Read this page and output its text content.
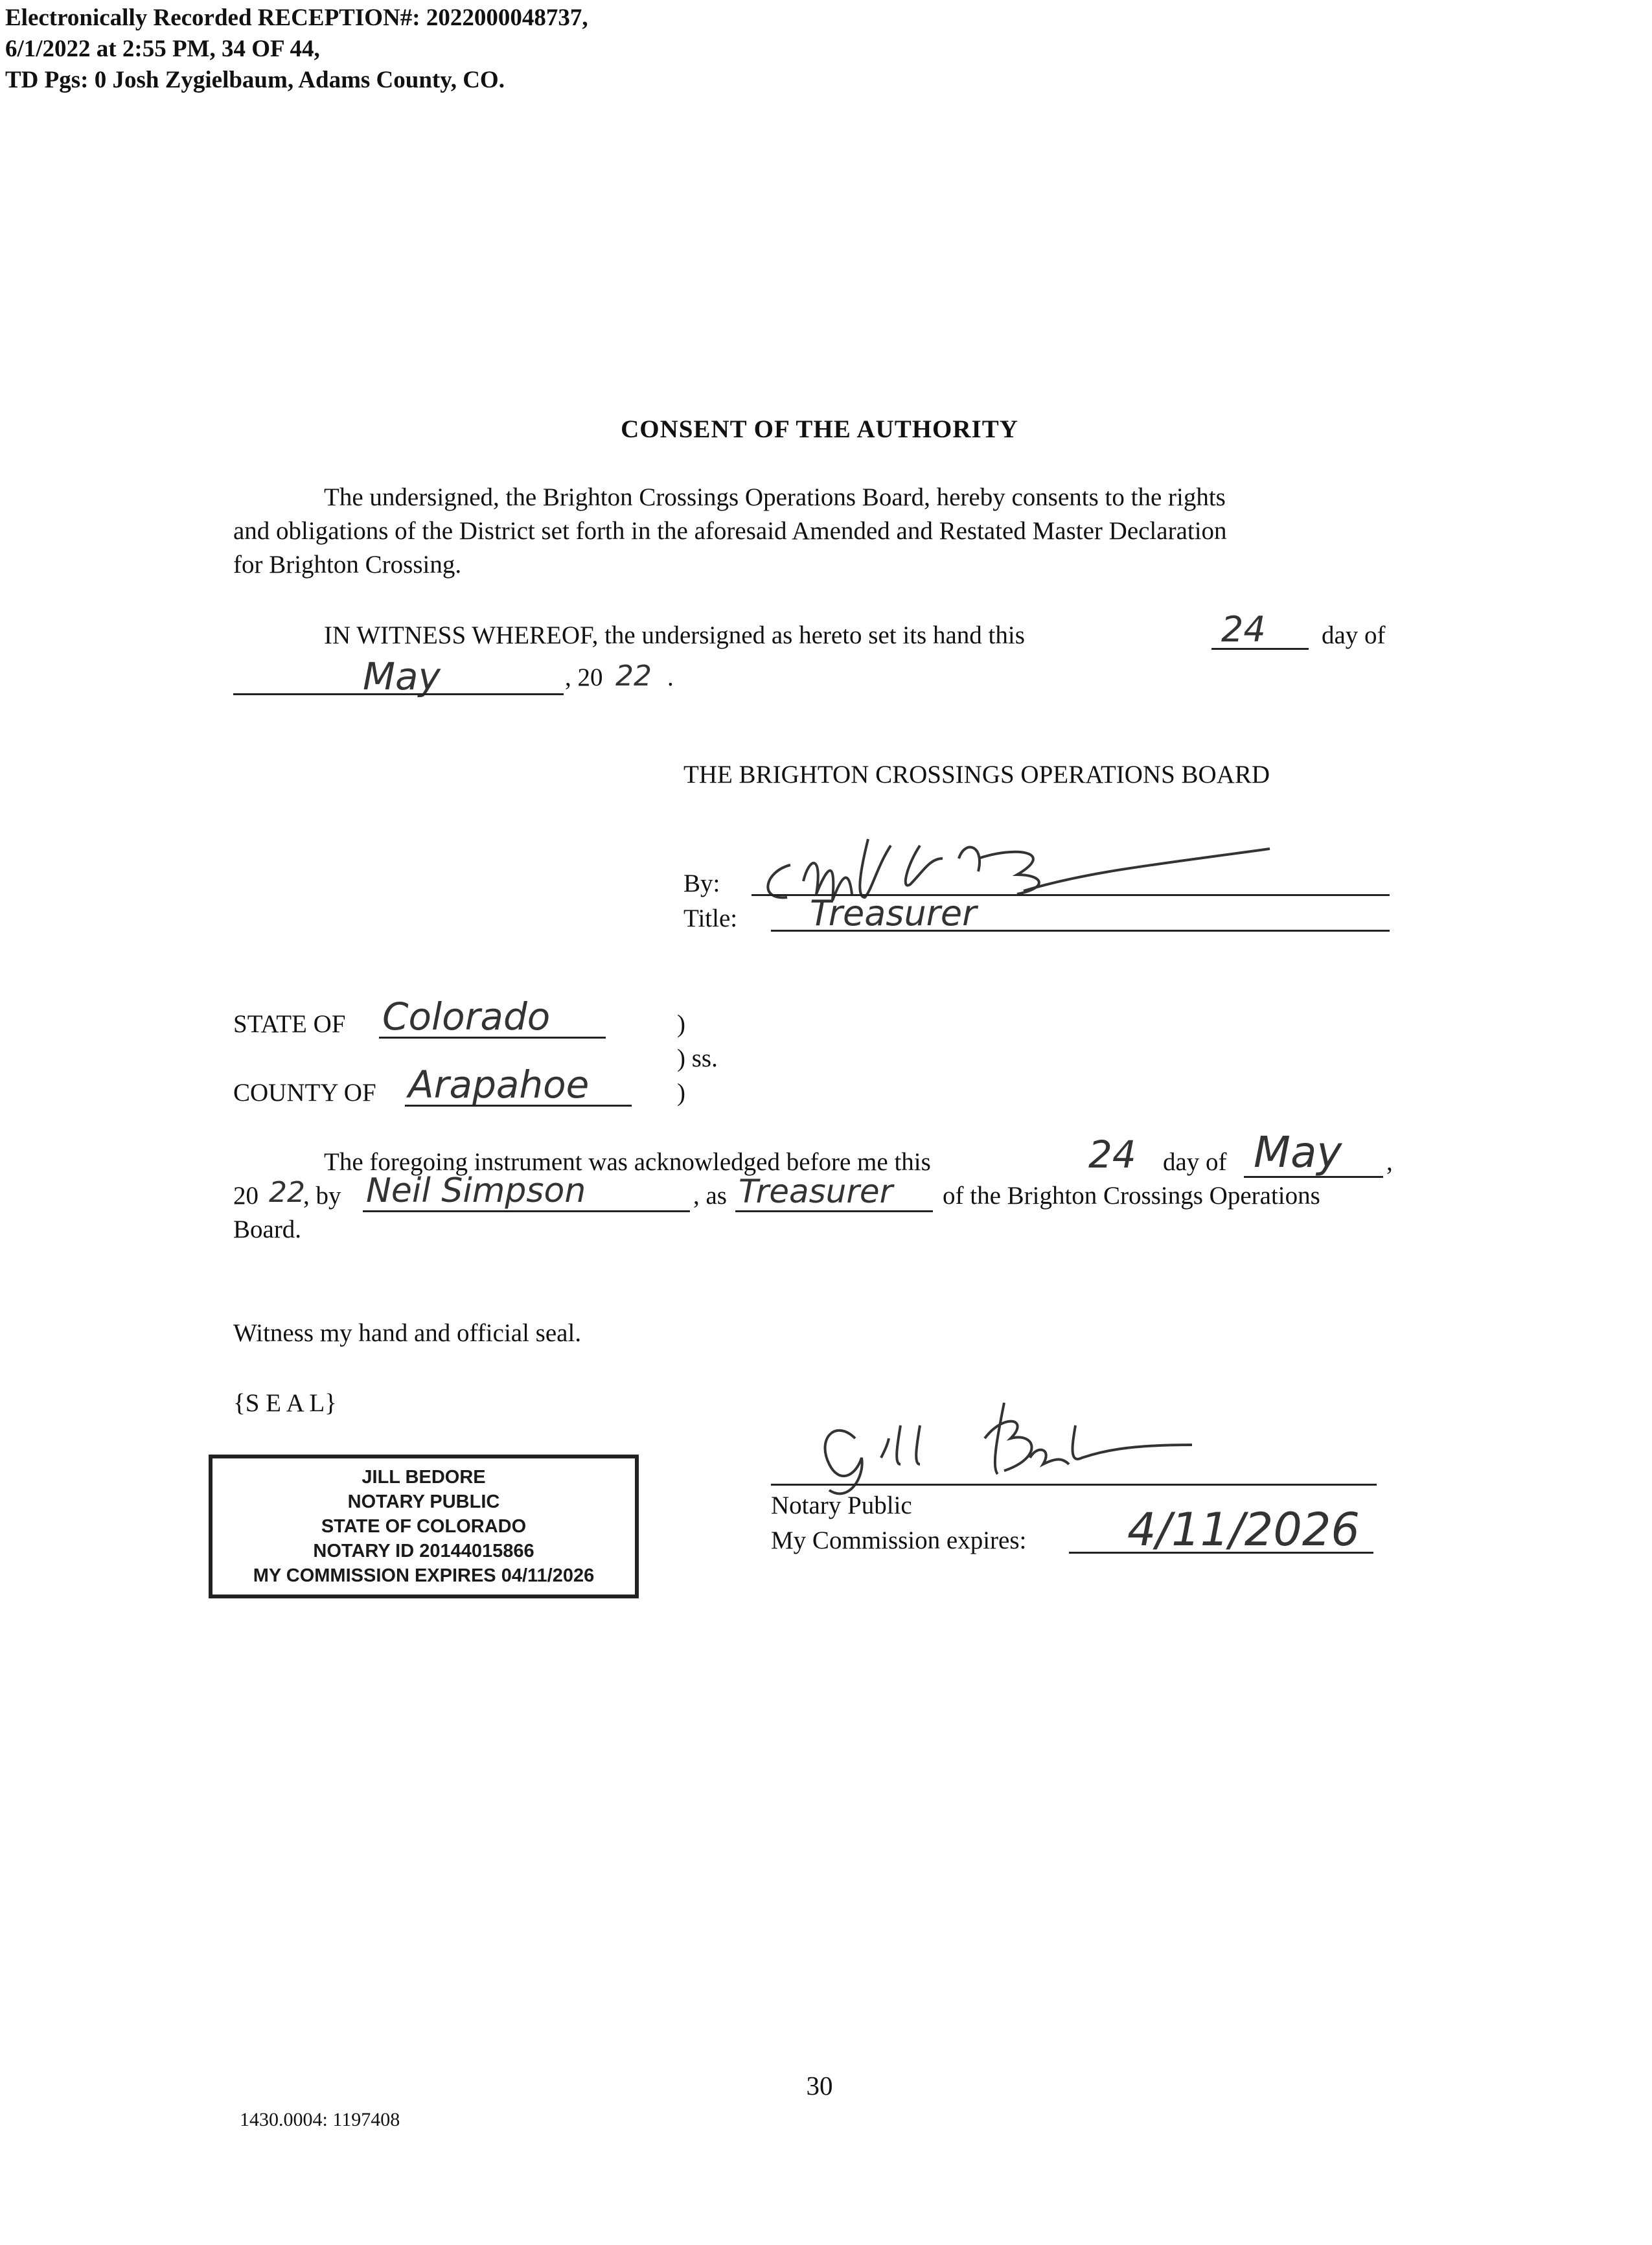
Electronically Recorded RECEPTION#: 2022000048737,
6/1/2022 at 2:55 PM, 34 OF 44,
TD Pgs: 0 Josh Zygielbaum, Adams County, CO.
CONSENT OF THE AUTHORITY
The undersigned, the Brighton Crossings Operations Board, hereby consents to the rights
and obligations of the District set forth in the aforesaid Amended and Restated Master Declaration
for Brighton Crossing.
IN WITNESS WHEREOF, the undersigned as hereto set its hand this	24 day of
May	, 20 22 .
THE BRIGHTON CROSSINGS OPERATIONS BOARD
By:
Title: Treasurer
STATE OF Colorado	)
) ss.
COUNTY OF Arapahoe	)
The foregoing instrument was acknowledged before me this	24 day of May ,
20 22
, by Neil Simpson	, as Treasurer of the Brighton Crossings Operations
Board.
Witness my hand and official seal.
{S E A L}
JILL BEDORE
NOTARY PUBLIC
STATE OF COLORADO
NOTARY ID 20144015866
MY COMMISSION EXPIRES 04/11/2026
Notary Public
My Commission expires: 4/11/2026
30
1430.0004: 1197408
